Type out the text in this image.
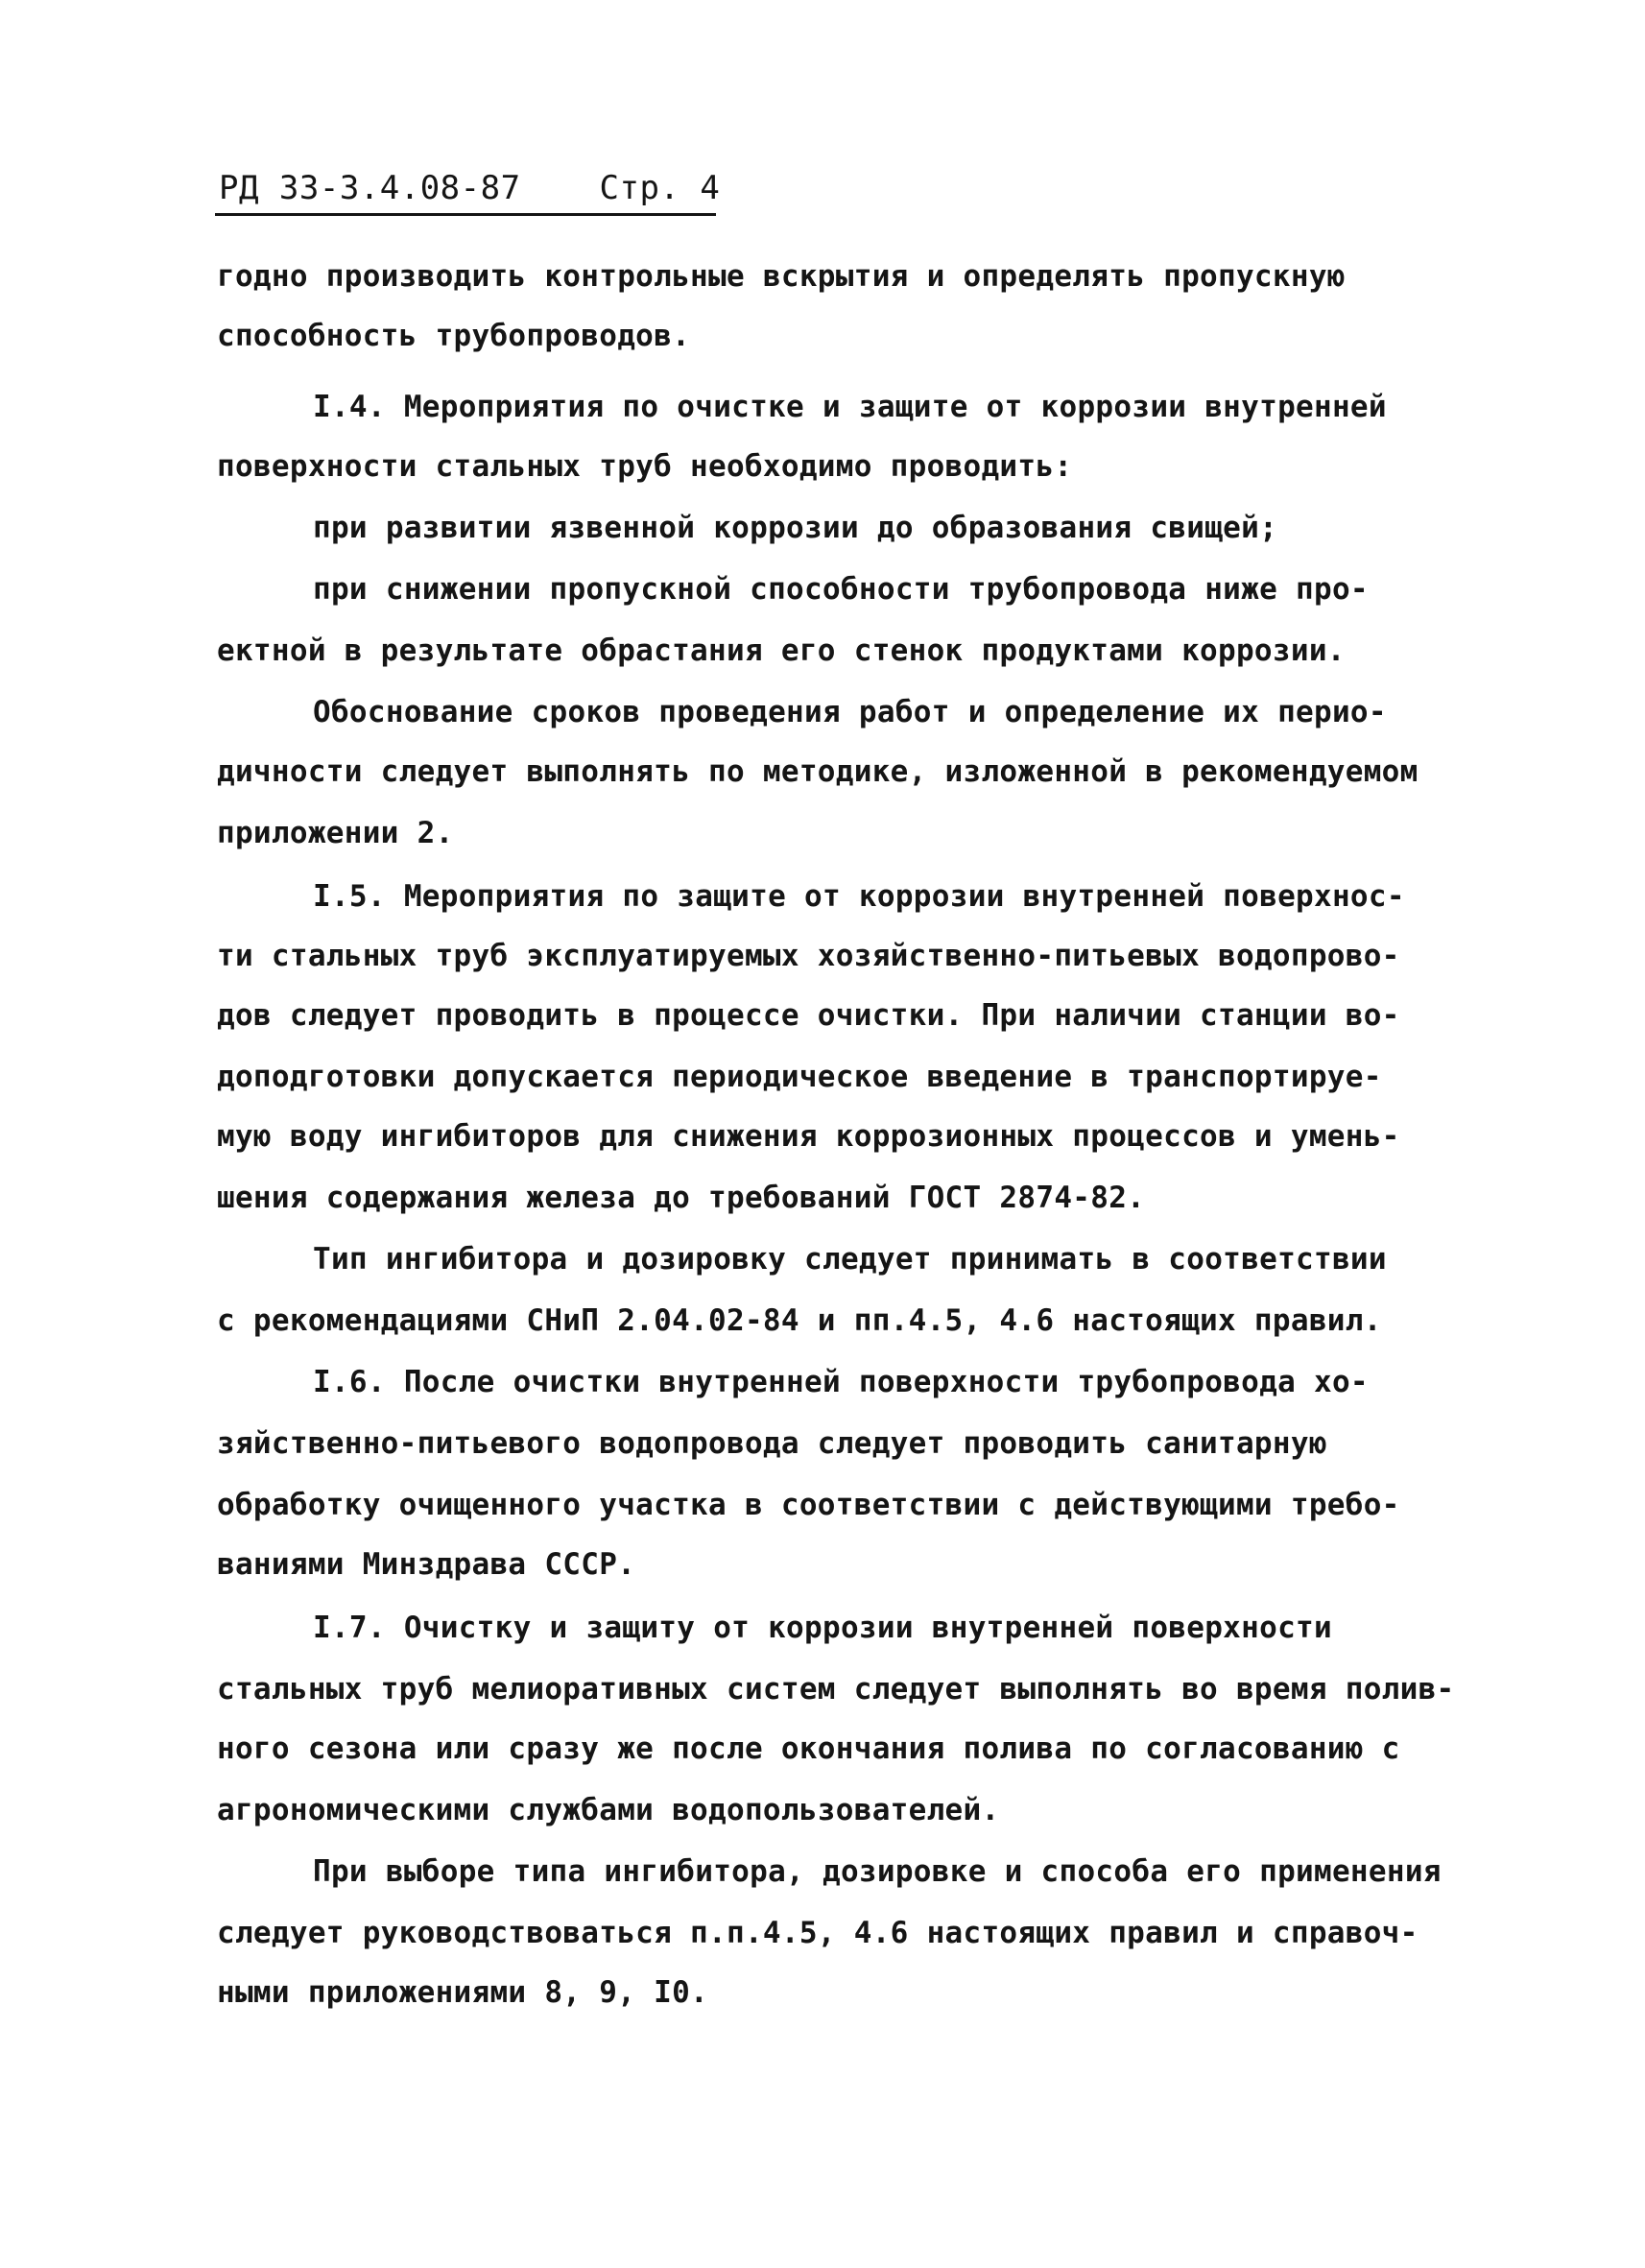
РД 33-3.4.08-87 Стр. 4
годно производить контрольные вскрытия и определять пропускную
способность трубопроводов.
I.4. Мероприятия по очистке и защите от коррозии внутренней
поверхности стальных труб необходимо проводить:
при развитии язвенной коррозии до образования свищей;
при снижении пропускной способности трубопровода ниже про-
ектной в результате обрастания его стенок продуктами коррозии.
Обоснование сроков проведения работ и определение их перио-
дичности следует выполнять по методике, изложенной в рекомендуемом
приложении 2.
I.5. Мероприятия по защите от коррозии внутренней поверхнос-
ти стальных труб эксплуатируемых хозяйственно-питьевых водопрово-
дов следует проводить в процессе очистки. При наличии станции во-
доподготовки допускается периодическое введение в транспортируе-
мую воду ингибиторов для снижения коррозионных процессов и умень-
шения содержания железа до требований ГОСТ 2874-82.
Тип ингибитора и дозировку следует принимать в соответствии
с рекомендациями СНиП 2.04.02-84 и пп.4.5, 4.6 настоящих правил.
I.6. После очистки внутренней поверхности трубопровода хо-
зяйственно-питьевого водопровода следует проводить санитарную
обработку очищенного участка в соответствии с действующими требо-
ваниями Минздрава СССР.
I.7. Очистку и защиту от коррозии внутренней поверхности
стальных труб мелиоративных систем следует выполнять во время полив-
ного сезона или сразу же после окончания полива по согласованию с
агрономическими службами водопользователей.
При выборе типа ингибитора, дозировке и способа его применения
следует руководствоваться п.п.4.5, 4.6 настоящих правил и справоч-
ными приложениями 8, 9, I0.
